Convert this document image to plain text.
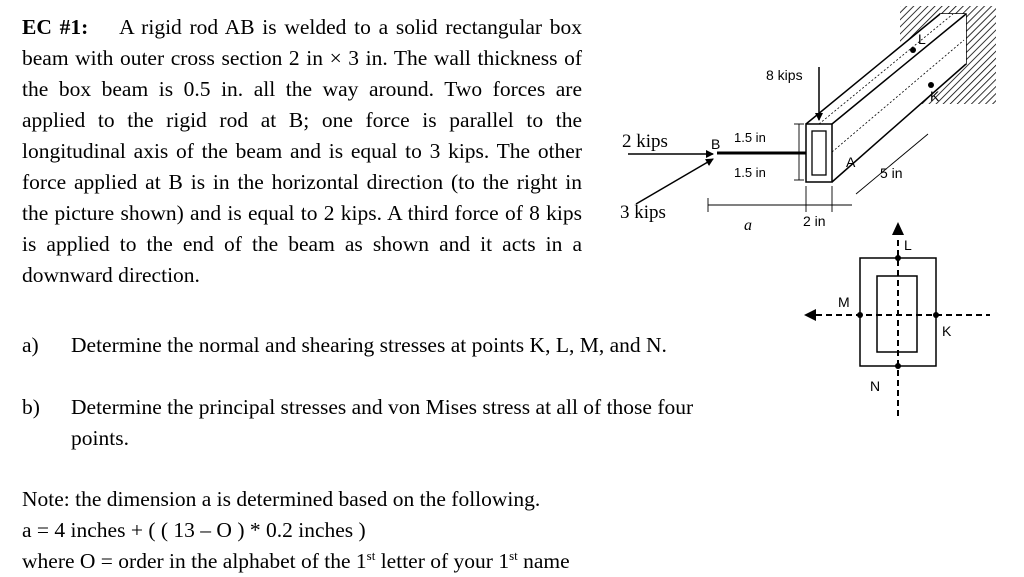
EC #1: A rigid rod AB is welded to a solid rectangular box beam with outer cross section 2 in × 3 in. The wall thickness of the box beam is 0.5 in. all the way around. Two forces are applied to the rigid rod at B; one force is parallel to the longitudinal axis of the beam and is equal to 3 kips. The other force applied at B is in the horizontal direction (to the right in the picture shown) and is equal to 2 kips. A third force of 8 kips is applied to the end of the beam as shown and it acts in a downward direction.
a) Determine the normal and shearing stresses at points K, L, M, and N.
b) Determine the principal stresses and von Mises stress at all of those four points.
Note: the dimension a is determined based on the following.
a = 4 inches + ( ( 13 – O ) * 0.2 inches )
where O = order in the alphabet of the 1st letter of your 1st name
L
K
8 kips
B
A
2 kips
3 kips
1.5 in
1.5 in
a	2 in
5 in
L
M
K
N
